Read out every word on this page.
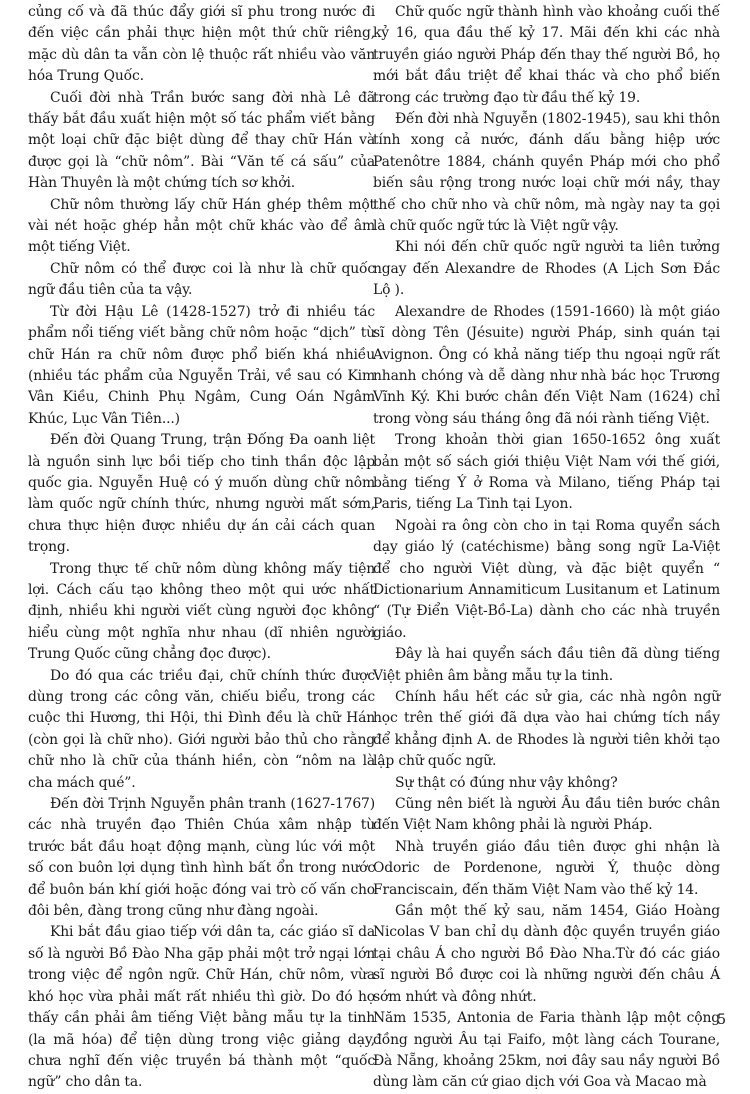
củng cố và đã thúc đẩy giới sĩ phu trong nước đi đến việc cần phải thực hiện một thứ chữ riêng, mặc dù dân ta vẫn còn lệ thuộc rất nhiều vào văn hóa Trung Quốc.

Cuối đời nhà Trần bước sang đời nhà Lê đã thấy bắt đầu xuất hiện một số tác phẩm viết bằng một loại chữ đặc biệt dùng để thay chữ Hán và được gọi là “chữ nôm”. Bài “Văn tế cá sấu” của Hàn Thuyên là một chứng tích sơ khởi.

Chữ nôm thường lấy chữ Hán ghép thêm một vài nét hoặc ghép hẳn một chữ khác vào để âm một tiếng Việt.

Chữ nôm có thể được coi là như là chữ quốc ngữ đầu tiên của ta vậy.

Từ đời Hậu Lê (1428-1527) trở đi nhiều tác phẩm nổi tiếng viết bằng chữ nôm hoặc “dịch” từ chữ Hán ra chữ nôm được phổ biến khá nhiều (nhiều tác phẩm của Nguyễn Trải, về sau có Kim Vân Kiều, Chinh Phụ Ngâm, Cung Oán Ngâm Khúc, Lục Vân Tiên...)

Đến đời Quang Trung, trận Đống Đa oanh liệt là nguồn sinh lực bồi tiếp cho tinh thần độc lập quốc gia. Nguyễn Huệ có ý muốn dùng chữ nôm làm quốc ngữ chính thức, nhưng người mất sớm, chưa thực hiện được nhiều dự án cải cách quan trọng.

Trong thực tế chữ nôm dùng không mấy tiện lợi. Cách cấu tạo không theo một qui ước nhất định, nhiều khi người viết cùng người đọc không hiểu cùng một nghĩa như nhau (dĩ nhiên người Trung Quốc cũng chẳng đọc được).

Do đó qua các triều đại, chữ chính thức được dùng trong các công văn, chiếu biểu, trong các cuộc thi Hương, thi Hội, thi Đình đều là chữ Hán (còn gọi là chữ nho). Giới người bảo thủ cho rằng chữ nho là chữ của thánh hiền, còn “nôm na là cha mách qué”.

Đến đời Trịnh Nguyễn phân tranh (1627-1767) các nhà truyền đạo Thiên Chúa xâm nhập từ trước bắt đầu hoạt động mạnh, cùng lúc với một số con buôn lợi dụng tình hình bất ổn trong nước để buôn bán khí giới hoặc đóng vai trò cố vấn cho đôi bên, đàng trong cũng như đàng ngoài.

Khi bắt đầu giao tiếp với dân ta, các giáo sĩ da số là người Bồ Đào Nha gặp phải một trở ngại lớn trong việc để ngôn ngữ. Chữ Hán, chữ nôm, vừa khó học vừa phải mất rất nhiều thì giờ. Do đó họ thấy cần phải âm tiếng Việt bằng mẫu tự la tinh (la mã hóa) để tiện dùng trong việc giảng dạy, chưa nghĩ đến việc truyền bá thành một “quốc ngữ” cho dân ta.

Chữ quốc ngữ thành hình vào khoảng cuối thế kỷ 16, qua đầu thế kỷ 17. Mãi đến khi các nhà truyền giáo người Pháp đến thay thế người Bồ, họ mới bắt đầu triệt để khai thác và cho phổ biến trong các trường đạo từ đầu thế kỷ 19.

Đến đời nhà Nguyễn (1802-1945), sau khi thôn tính xong cả nước, đánh dấu bằng hiệp ước Patenôtre 1884, chánh quyền Pháp mới cho phổ biến sâu rộng trong nước loại chữ mới nầy, thay thế cho chữ nho và chữ nôm, mà ngày nay ta gọi là chữ quốc ngữ tức là Việt ngữ vậy.

Khi nói đến chữ quốc ngữ người ta liên tưởng ngay đến Alexandre de Rhodes (A Lịch Sơn Đắc Lộ ).

Alexandre de Rhodes (1591-1660) là một giáo sĩ dòng Tên (Jésuite) người Pháp, sinh quán tại Avignon. Ông có khả năng tiếp thu ngoại ngữ rất nhanh chóng và dễ dàng như nhà bác học Trương Vĩnh Ký. Khi bước chân đến Việt Nam (1624) chỉ trong vòng sáu tháng ông đã nói rành tiếng Việt.

Trong khoản thời gian 1650-1652 ông xuất bản một số sách giới thiệu Việt Nam với thế giới, bằng tiếng Ý ở Roma và Milano, tiếng Pháp tại Paris, tiếng La Tinh tại Lyon.

Ngoài ra ông còn cho in tại Roma quyển sách dạy giáo lý (catéchisme) bằng song ngữ La-Việt để cho người Việt dùng, và đặc biệt quyển “ Dictionarium Annamiticum Lusitanum et Latinum “ (Tự Điển Việt-Bồ-La) dành cho các nhà truyền giáo.

Đây là hai quyển sách đầu tiên đã dùng tiếng Việt phiên âm bằng mẫu tự la tinh.

Chính hầu hết các sử gia, các nhà ngôn ngữ học trên thế giới đã dựa vào hai chứng tích nầy để khẳng định A. de Rhodes là người tiên khởi tạo lập chữ quốc ngữ.

Sự thật có đúng như vậy không?

Cũng nên biết là người Âu đầu tiên bước chân đến Việt Nam không phải là người Pháp.

Nhà truyền giáo đầu tiên được ghi nhận là Odoric de Pordenone, người Ý, thuộc dòng Franciscain, đến thăm Việt Nam vào thế kỷ 14.

Gần một thế kỷ sau, năm 1454, Giáo Hoàng Nicolas V ban chỉ dụ dành độc quyền truyền giáo tại châu Á cho người Bồ Đào Nha.Từ đó các giáo sĩ người Bồ được coi là những người đến châu Á sớm nhứt và đông nhứt.

Năm 1535, Antonia de Faria thành lập một cộng đồng người Âu tại Faifo, một làng cách Tourane, Đà Nẵng, khoảng 25km, nơi đây sau nầy người Bồ dùng làm căn cứ giao dịch với Goa và Macao mà

5
